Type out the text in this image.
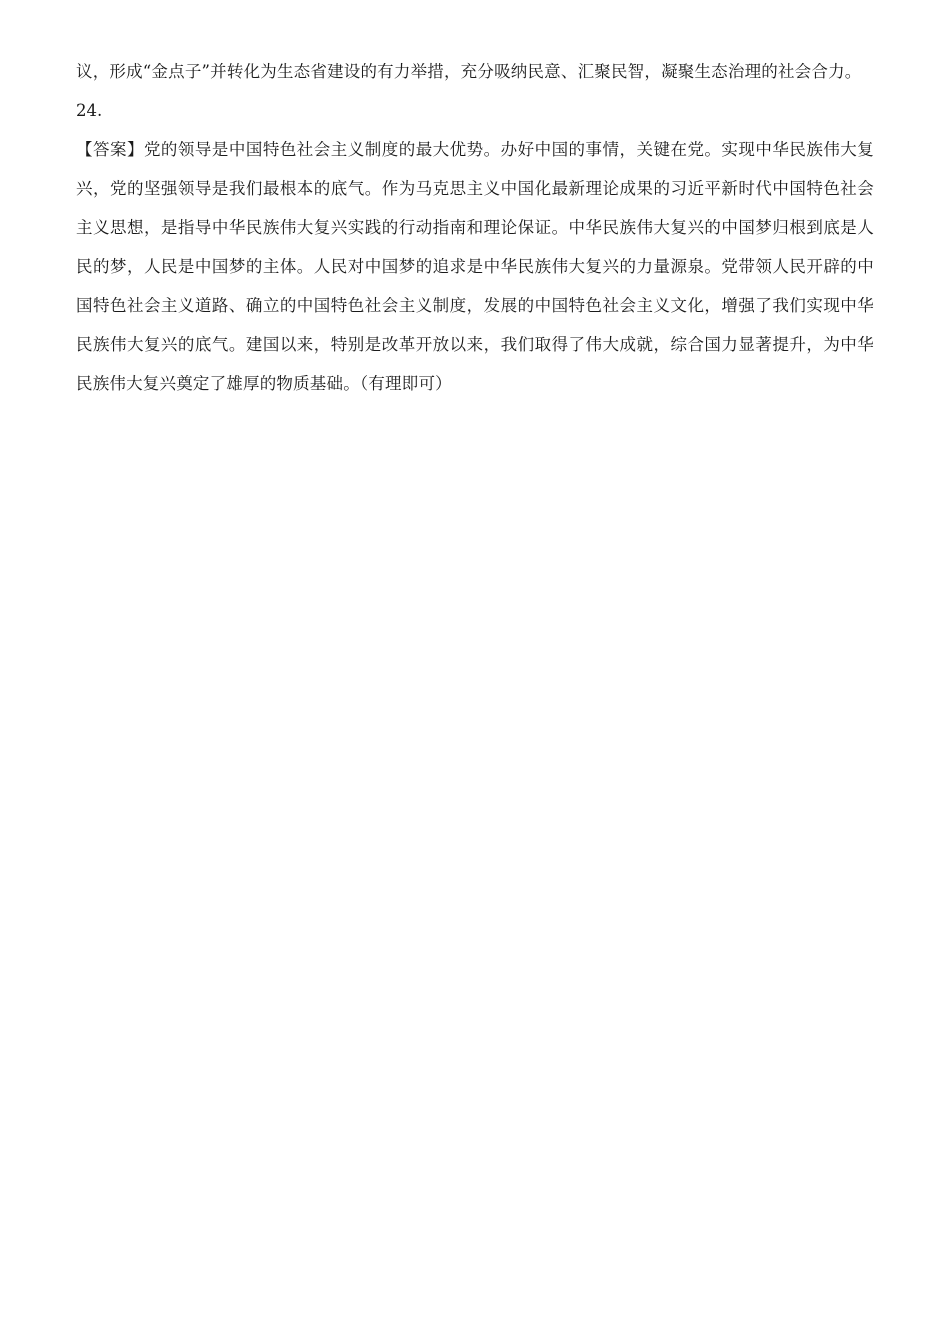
议，形成“金点子”并转化为生态省建设的有力举措，充分吸纳民意、汇聚民智，凝聚生态治理的社会合力。

24.

【答案】党的领导是中国特色社会主义制度的最大优势。办好中国的事情，关键在党。实现中华民族伟大复兴，党的坚强领导是我们最根本的底气。作为马克思主义中国化最新理论成果的习近平新时代中国特色社会主义思想，是指导中华民族伟大复兴实践的行动指南和理论保证。中华民族伟大复兴的中国梦归根到底是人民的梦，人民是中国梦的主体。人民对中国梦的追求是中华民族伟大复兴的力量源泉。党带领人民开辟的中国特色社会主义道路、确立的中国特色社会主义制度，发展的中国特色社会主义文化，增强了我们实现中华民族伟大复兴的底气。建国以来，特别是改革开放以来，我们取得了伟大成就，综合国力显著提升，为中华民族伟大复兴奠定了雄厚的物质基础。（有理即可）
